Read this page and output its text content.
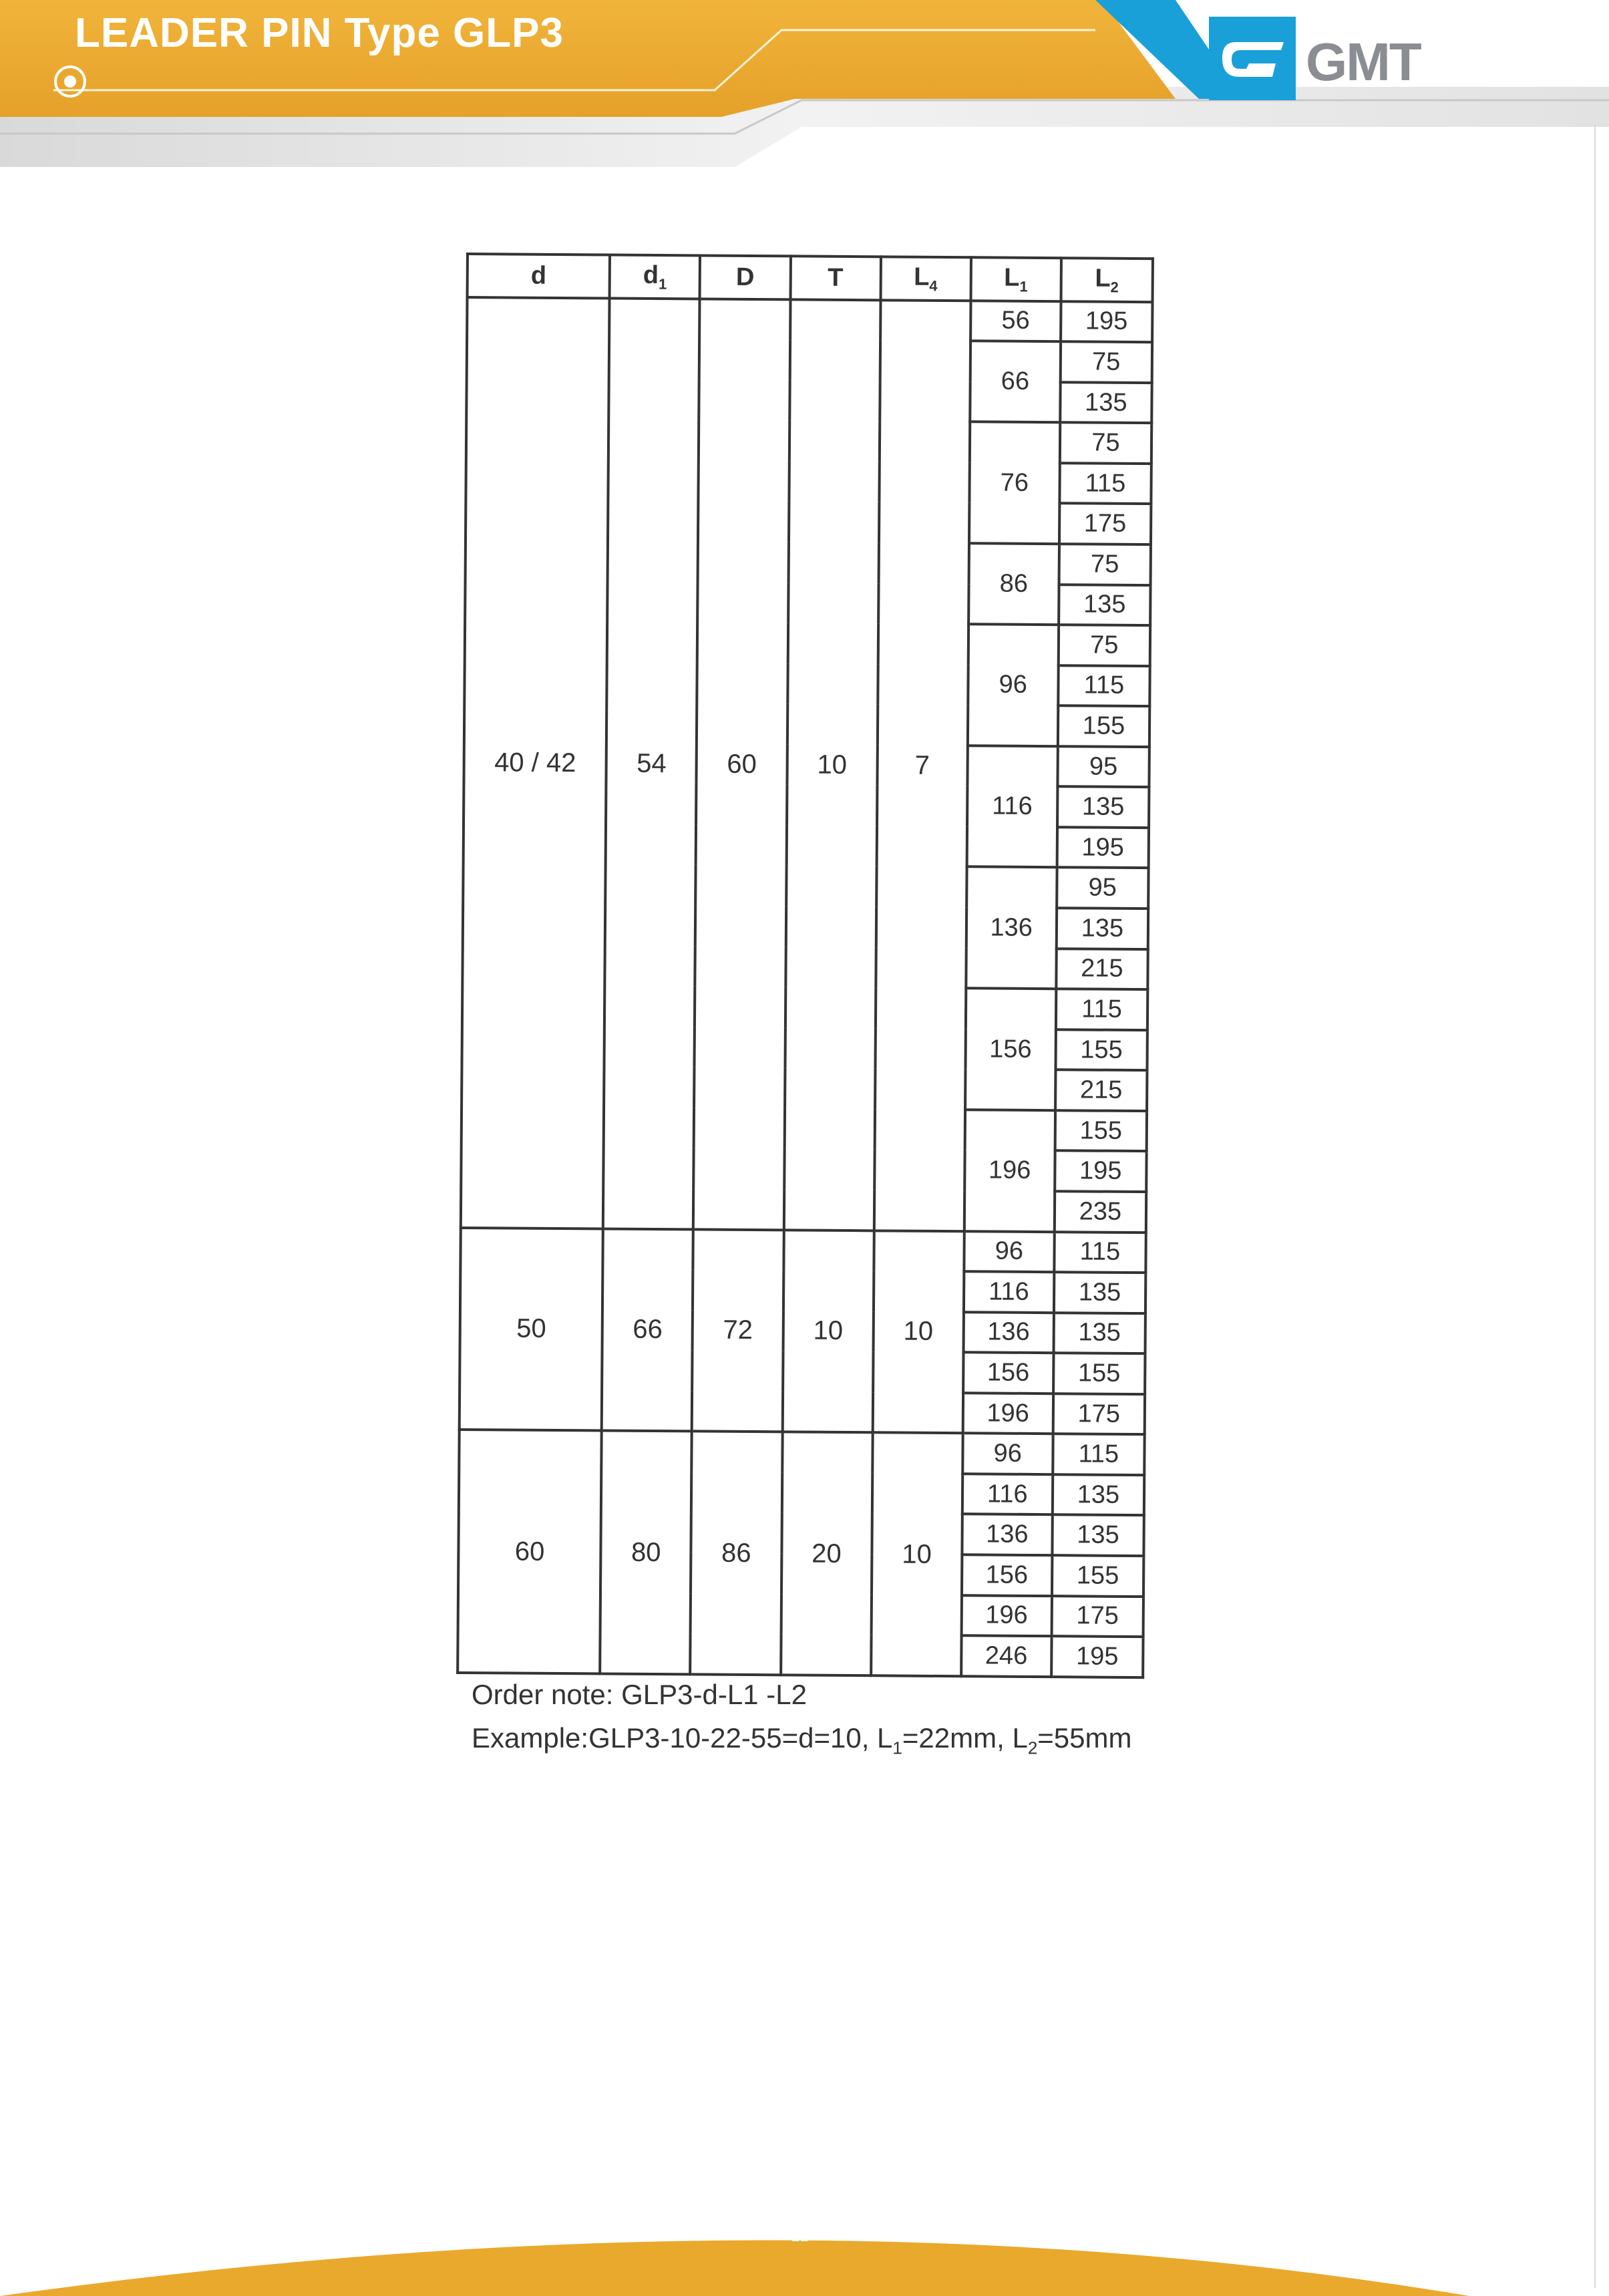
LEADER PIN Type GLP3	GMT
d	$d_1$	D	T	$L_4$	$L_1$	$L_2$
40 / 42	54	60	10	7	56	195
					66	75
						135
					76	75
						115
						175
					86	75
						135
					96	75
						115
						155
					116	95
						135
						195
					136	95
						135
						215
					156	115
						155
						215
					196	155
						195
						235
50	66	72	10	10	96	115
					116	135
					136	135
					156	155
					196	175
60	80	86	20	10	96	115
					116	135
					136	135
					156	155
					196	175
					246	195
Order note: GLP3-d-L1 -L2
Example:GLP3-10-22-55=d=10, $L_1=22mm$, $L_2=55mm$
22
